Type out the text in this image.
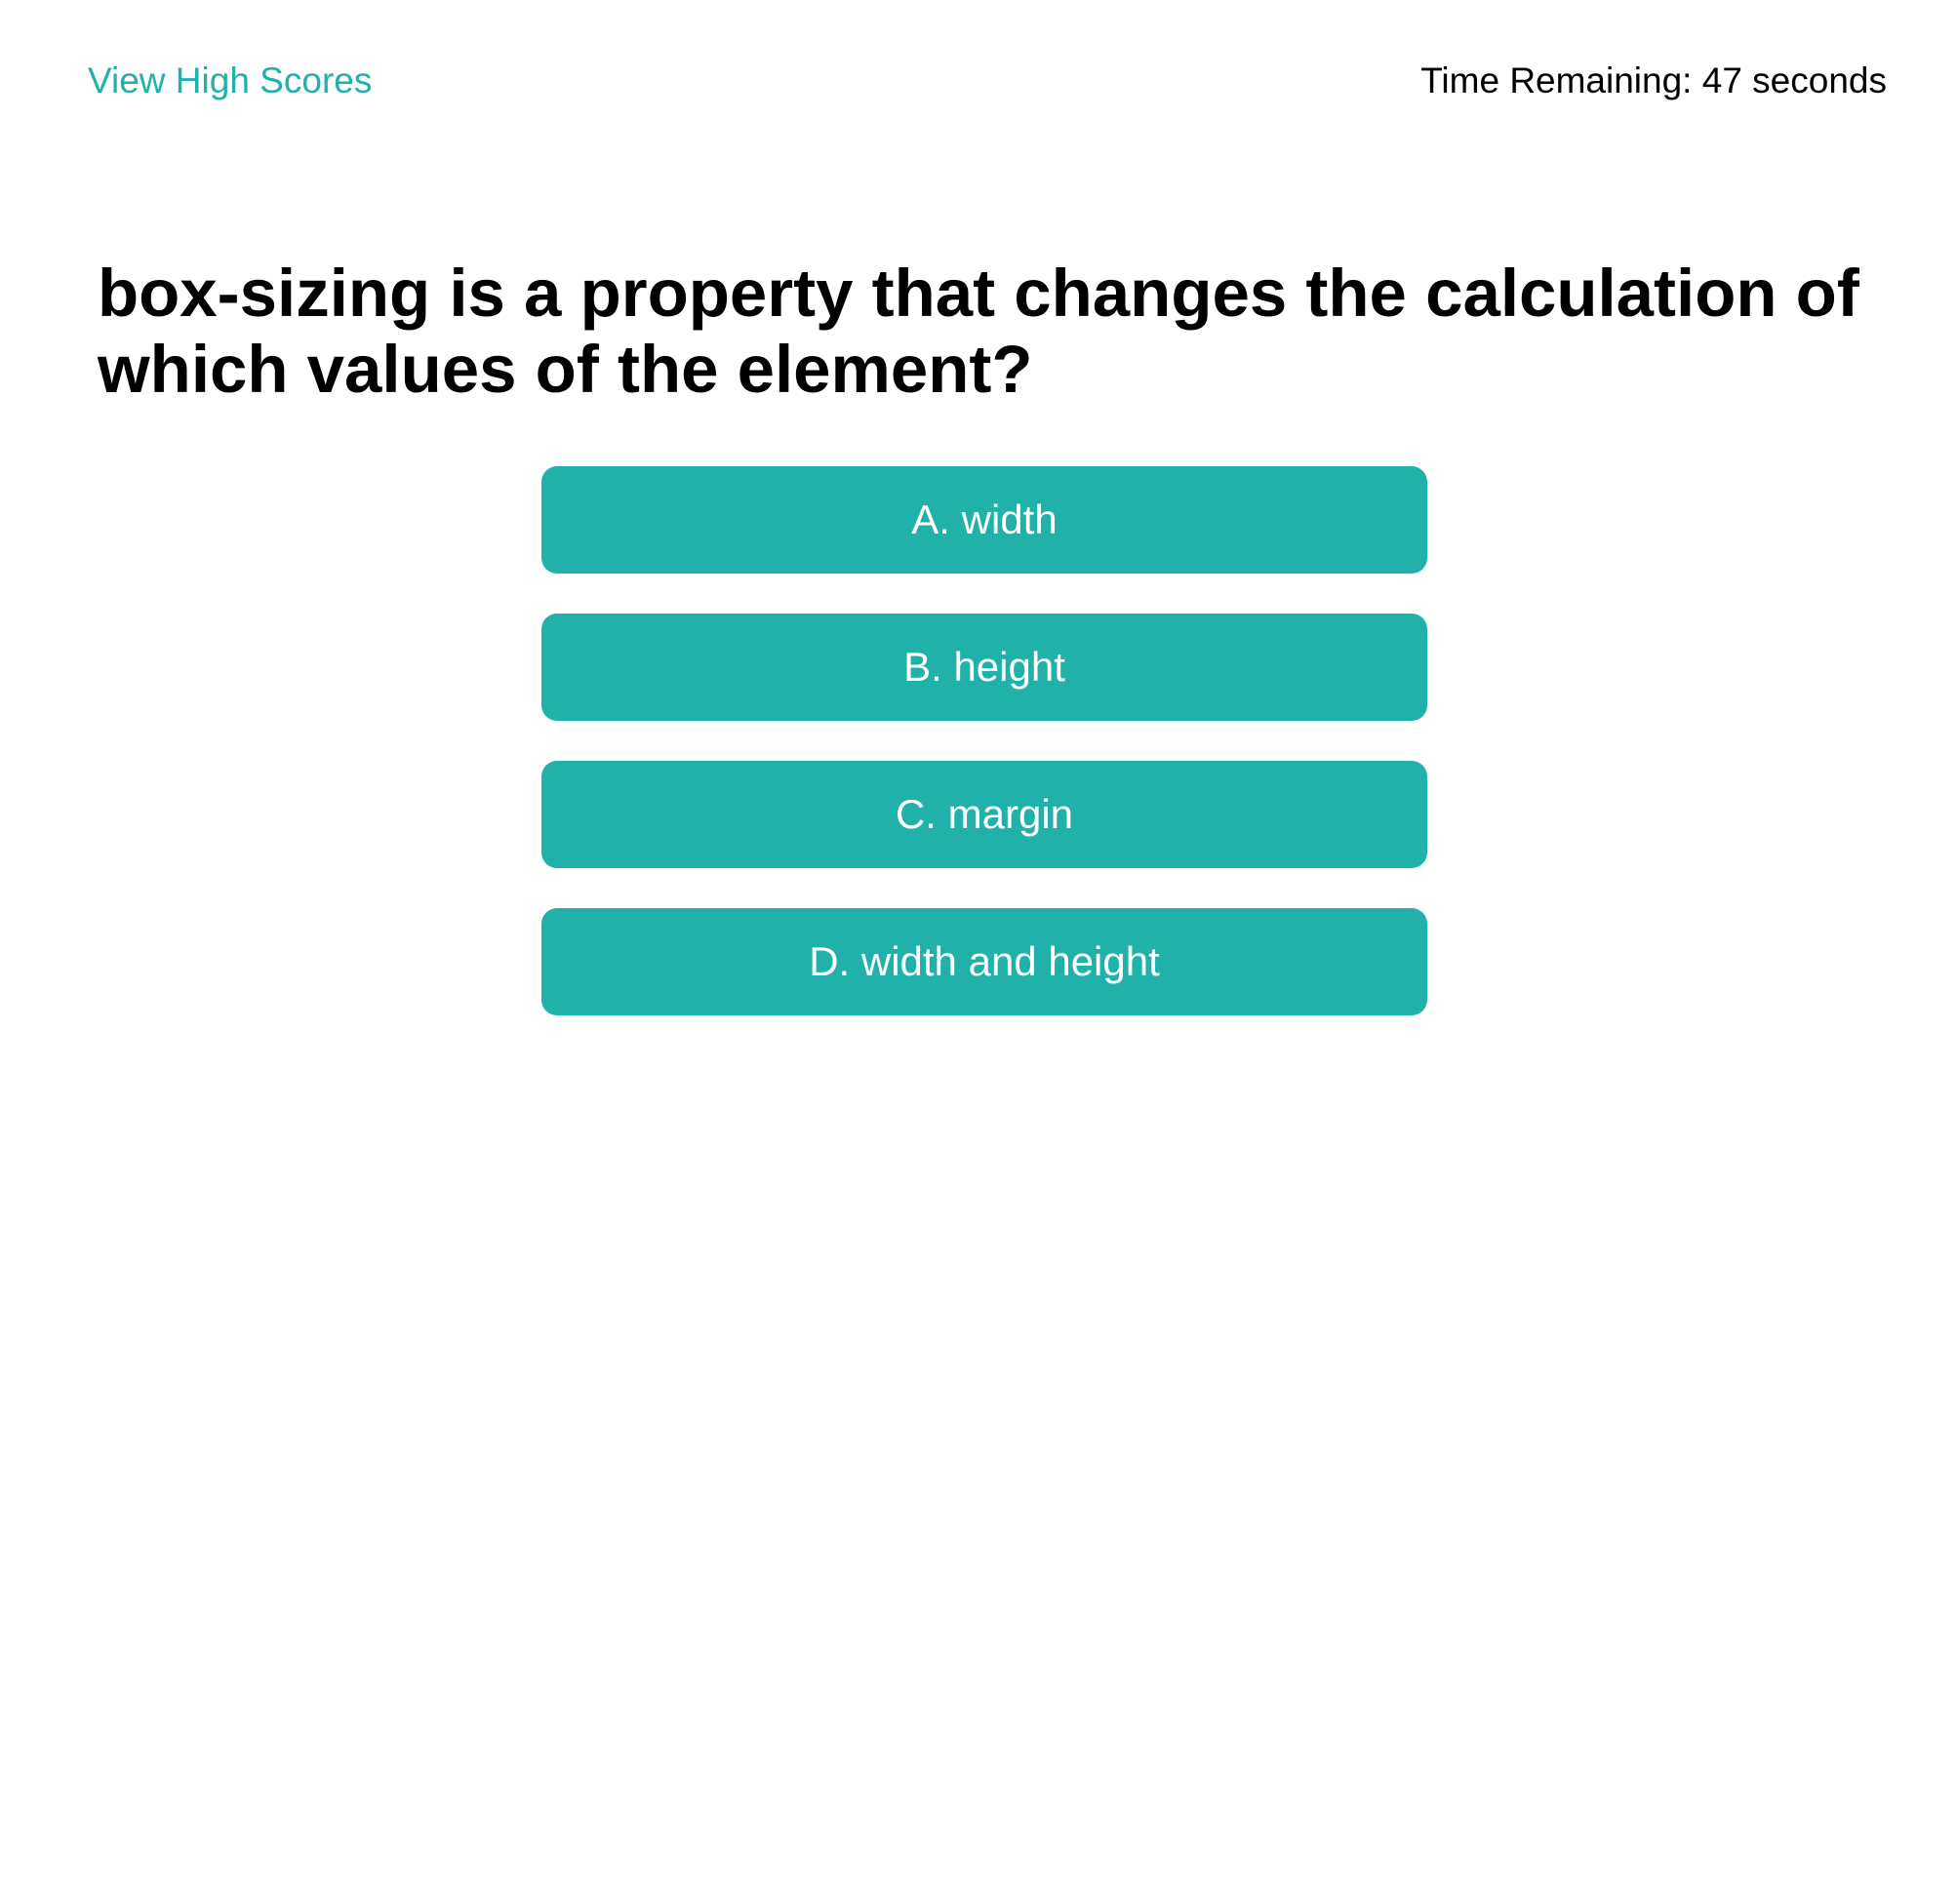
View High Scores	Time Remaining: 47 seconds
box-sizing is a property that changes the calculation of which values of the element?
A. width
B. height
C. margin
D. width and height
